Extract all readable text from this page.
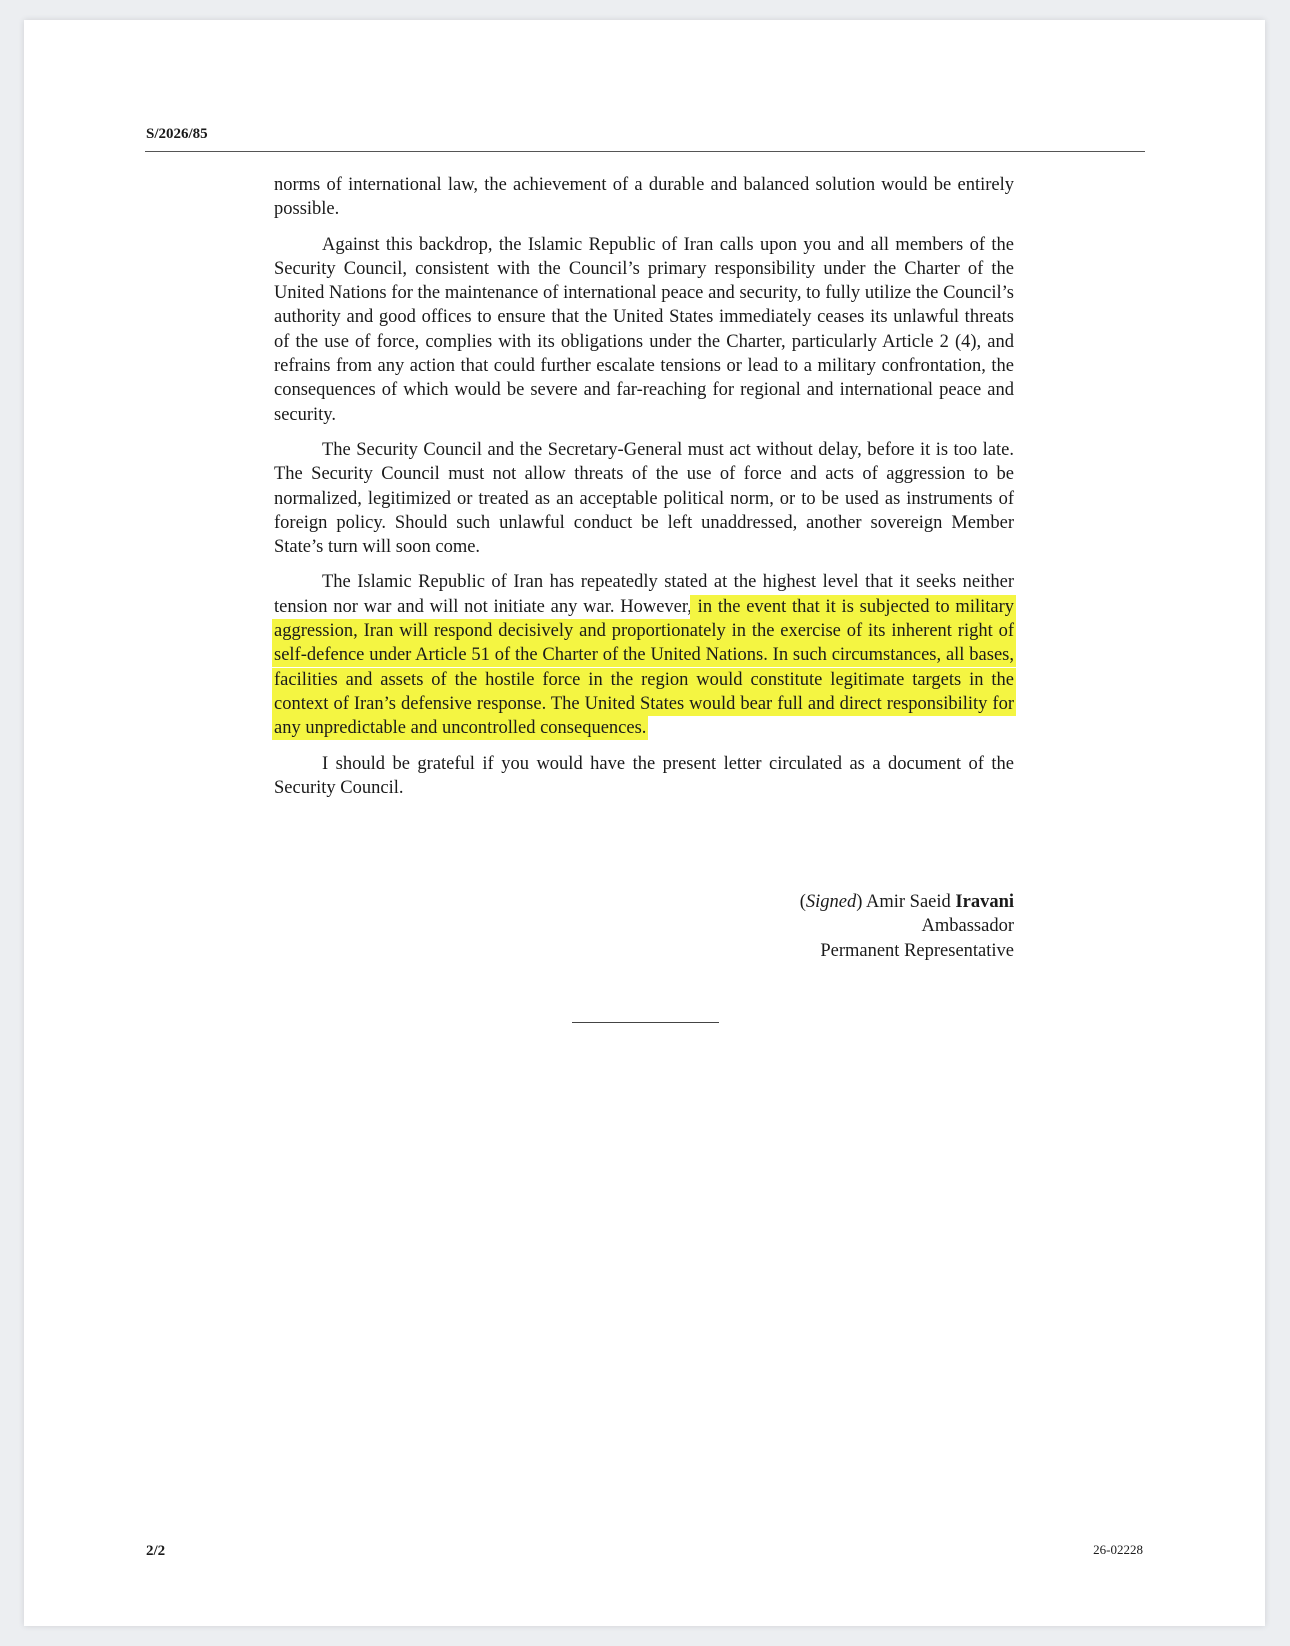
S/2026/85

norms of international law, the achievement of a durable and balanced solution would be entirely possible.

Against this backdrop, the Islamic Republic of Iran calls upon you and all members of the Security Council, consistent with the Council’s primary responsibility under the Charter of the United Nations for the maintenance of international peace and security, to fully utilize the Council’s authority and good offices to ensure that the United States immediately ceases its unlawful threats of the use of force, complies with its obligations under the Charter, particularly Article 2 (4), and refrains from any action that could further escalate tensions or lead to a military confrontation, the consequences of which would be severe and far-reaching for regional and international peace and security.

The Security Council and the Secretary-General must act without delay, before it is too late. The Security Council must not allow threats of the use of force and acts of aggression to be normalized, legitimized or treated as an acceptable political norm, or to be used as instruments of foreign policy. Should such unlawful conduct be left unaddressed, another sovereign Member State’s turn will soon come.

The Islamic Republic of Iran has repeatedly stated at the highest level that it seeks neither tension nor war and will not initiate any war. However, in the event that it is subjected to military aggression, Iran will respond decisively and proportionately in the exercise of its inherent right of self-defence under Article 51 of the Charter of the United Nations. In such circumstances, all bases, facilities and assets of the hostile force in the region would constitute legitimate targets in the context of Iran’s defensive response. The United States would bear full and direct responsibility for any unpredictable and uncontrolled consequences.

I should be grateful if you would have the present letter circulated as a document of the Security Council.

(Signed) Amir Saeid Iravani
Ambassador
Permanent Representative
2/2	26-02228
